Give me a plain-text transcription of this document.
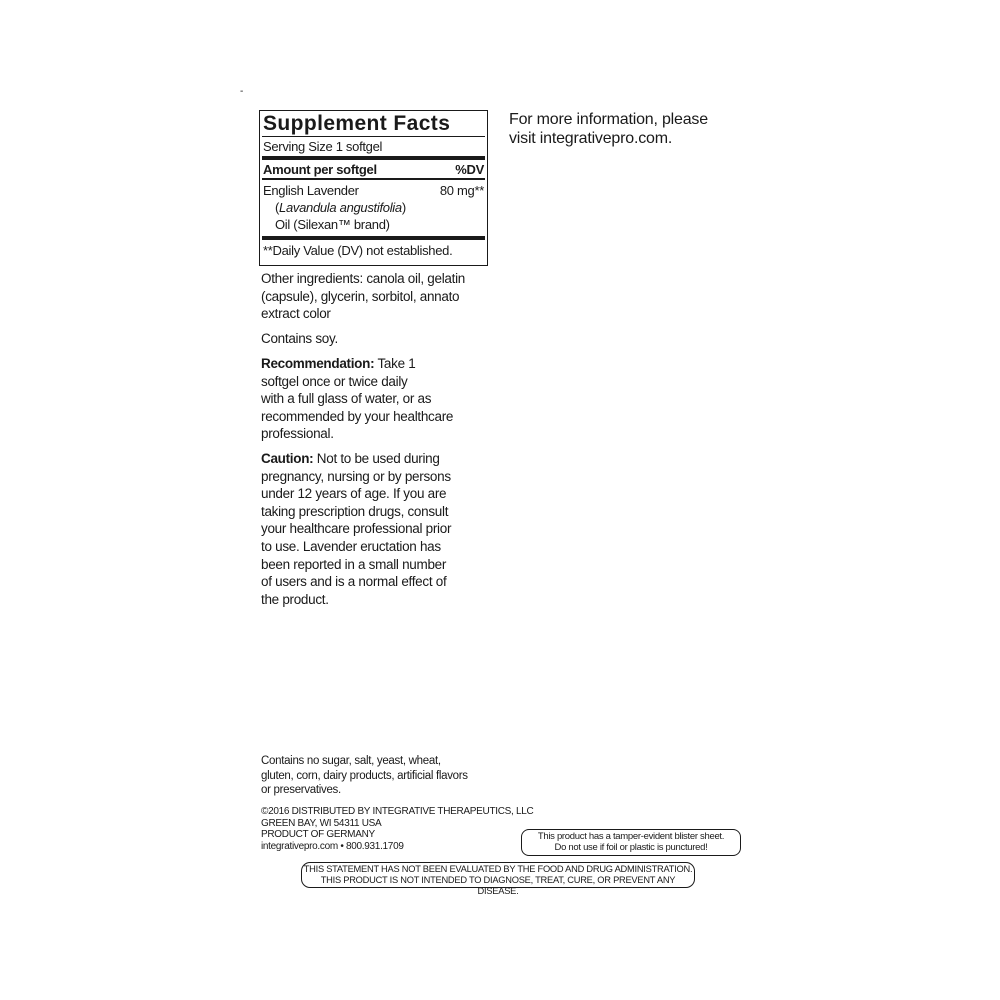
-
Supplement Facts
Serving Size 1 softgel
Amount per softgel	%DV
English Lavender
(Lavandula angustifolia)
Oil (Silexan™ brand)
80 mg**
**Daily Value (DV) not established.
Other ingredients: canola oil, gelatin
(capsule), glycerin, sorbitol, annato
extract color
Contains soy.
Recommendation: Take 1
softgel once or twice daily
with a full glass of water, or as
recommended by your healthcare
professional.
Caution: Not to be used during
pregnancy, nursing or by persons
under 12 years of age. If you are
taking prescription drugs, consult
your healthcare professional prior
to use. Lavender eructation has
been reported in a small number
of users and is a normal effect of
the product.
For more information, please
visit integrativepro.com.
Contains no sugar, salt, yeast, wheat,
gluten, corn, dairy products, artificial flavors
or preservatives.
©2016 DISTRIBUTED BY INTEGRATIVE THERAPEUTICS, LLC
GREEN BAY, WI 54311 USA
PRODUCT OF GERMANY
integrativepro.com • 800.931.1709
This product has a tamper-evident blister sheet.
Do not use if foil or plastic is punctured!
THIS STATEMENT HAS NOT BEEN EVALUATED BY THE FOOD AND DRUG ADMINISTRATION.
THIS PRODUCT IS NOT INTENDED TO DIAGNOSE, TREAT, CURE, OR PREVENT ANY DISEASE.
